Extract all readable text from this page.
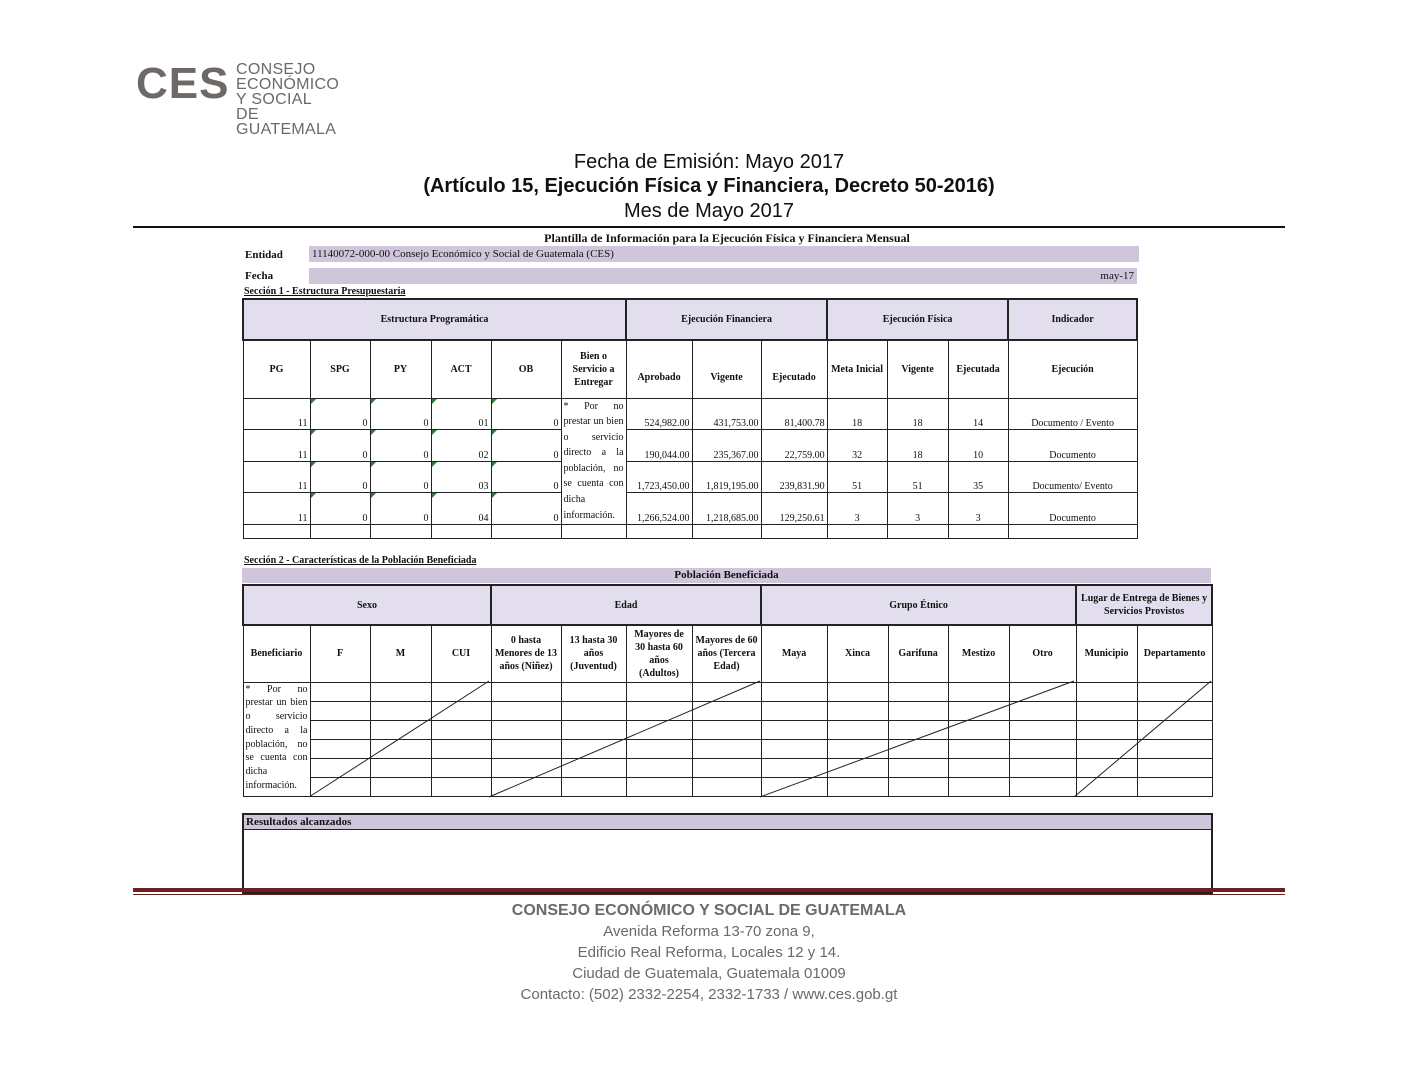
CES CONSEJO
ECONÓMICO Y SOCIAL
DE GUATEMALA
Fecha de Emisión: Mayo 2017
(Artículo 15, Ejecución Física y Financiera, Decreto 50-2016)
Mes de Mayo 2017
Plantilla de Información para la Ejecución Física y Financiera Mensual
Entidad	11140072-000-00 Consejo Económico y Social de Guatemala (CES)
Fecha	may-17
Sección 1 - Estructura Presupuestaria
Estructura Programática						Ejecución Financiera			Ejecución Física			Indicador
PG	SPG	PY	ACT	OB	Bien o Servicio a Entregar	Aprobado	Vigente	Ejecutado	Meta Inicial	Vigente	Ejecutada	Ejecución
11	0	0	01	0	* Por no prestar un bien o servicio directo a la población, no se cuenta con dicha información.	524,982.00	431,753.00	81,400.78	18	18	14	Documento / Evento
11	0	0	02	0		190,044.00	235,367.00	22,759.00	32	18	10	Documento
11	0	0	03	0		1,723,450.00	1,819,195.00	239,831.90	51	51	35	Documento/ Evento
11	0	0	04	0		1,266,524.00	1,218,685.00	129,250.61	3	3	3	Documento

Sección 2 - Características de la Población Beneficiada
Población Beneficiada
Sexo				Edad				Grupo Étnico					Lugar de Entrega de Bienes y Servicios Provistos	
Beneficiario	F	M	CUI	0 hasta Menores de 13 años (Niñez)	13 hasta 30 años (Juventud)	Mayores de 30 hasta 60 años (Adultos)	Mayores de 60 años (Tercera Edad)	Maya	Xinca	Garifuna	Mestizo	Otro	Municipio	Departamento
* Por no prestar un bien o servicio directo a la población, no se cuenta con dicha información.														

Resultados alcanzados
CONSEJO ECONÓMICO Y SOCIAL DE GUATEMALA
Avenida Reforma 13-70 zona 9,
Edificio Real Reforma, Locales 12 y 14.
Ciudad de Guatemala, Guatemala 01009
Contacto: (502) 2332-2254, 2332-1733 / www.ces.gob.gt
